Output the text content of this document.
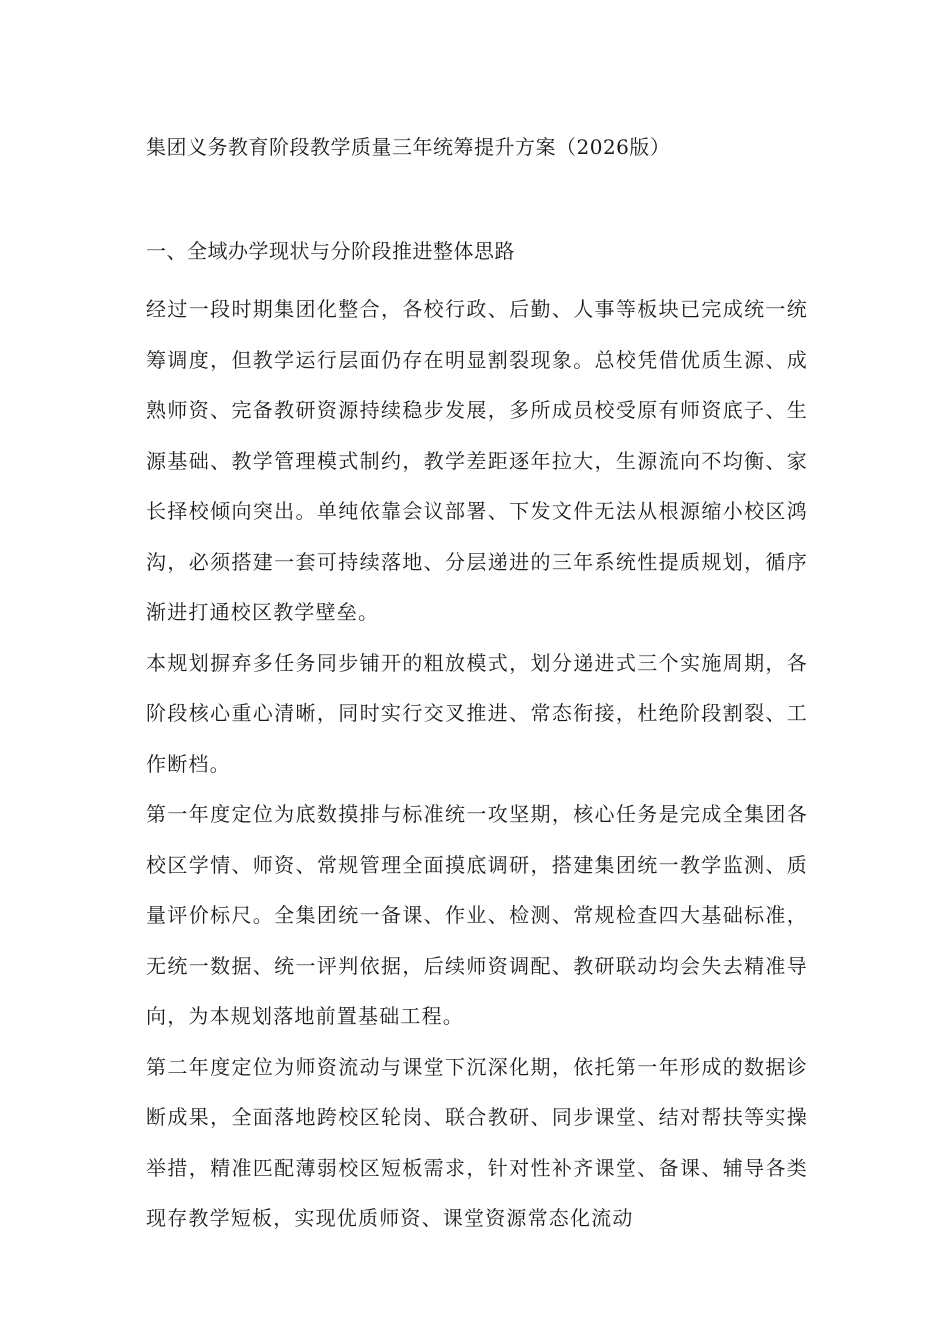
集团义务教育阶段教学质量三年统筹提升方案（2026版）
一、全域办学现状与分阶段推进整体思路

经过一段时期集团化整合，各校行政、后勤、人事等板块已完成统一统筹调度，但教学运行层面仍存在明显割裂现象。总校凭借优质生源、成熟师资、完备教研资源持续稳步发展，多所成员校受原有师资底子、生源基础、教学管理模式制约，教学差距逐年拉大，生源流向不均衡、家长择校倾向突出。单纯依靠会议部署、下发文件无法从根源缩小校区鸿沟，必须搭建一套可持续落地、分层递进的三年系统性提质规划，循序渐进打通校区教学壁垒。

本规划摒弃多任务同步铺开的粗放模式，划分递进式三个实施周期，各阶段核心重心清晰，同时实行交叉推进、常态衔接，杜绝阶段割裂、工作断档。

第一年度定位为底数摸排与标准统一攻坚期，核心任务是完成全集团各校区学情、师资、常规管理全面摸底调研，搭建集团统一教学监测、质量评价标尺。全集团统一备课、作业、检测、常规检查四大基础标准，无统一数据、统一评判依据，后续师资调配、教研联动均会失去精准导向，为本规划落地前置基础工程。

第二年度定位为师资流动与课堂下沉深化期，依托第一年形成的数据诊断成果，全面落地跨校区轮岗、联合教研、同步课堂、结对帮扶等实操举措，精准匹配薄弱校区短板需求，针对性补齐课堂、备课、辅导各类现存教学短板，实现优质师资、课堂资源常态化流动
